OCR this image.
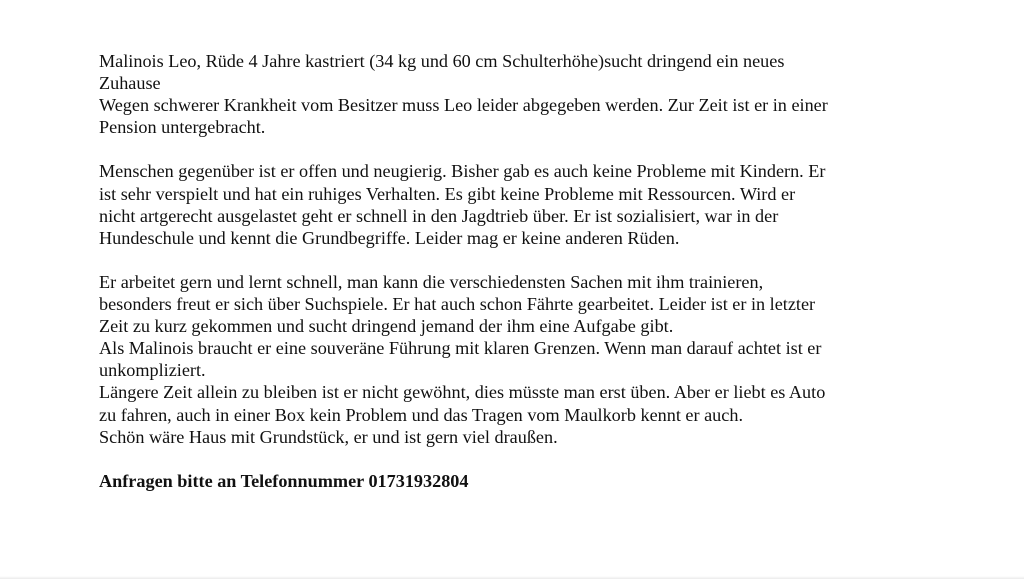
Malinois Leo, Rüde 4 Jahre kastriert (34 kg und 60 cm Schulterhöhe)sucht dringend ein neues
Zuhause
Wegen schwerer Krankheit vom Besitzer muss Leo leider abgegeben werden. Zur Zeit ist er in einer
Pension untergebracht.

Menschen gegenüber ist er offen und neugierig. Bisher gab es auch keine Probleme mit Kindern. Er
ist sehr verspielt und hat ein ruhiges Verhalten. Es gibt keine Probleme mit Ressourcen. Wird er
nicht artgerecht ausgelastet geht er schnell in den Jagdtrieb über. Er ist sozialisiert, war in der
Hundeschule und kennt die Grundbegriffe. Leider mag er keine anderen Rüden.

Er arbeitet gern und lernt schnell, man kann die verschiedensten Sachen mit ihm trainieren,
besonders freut er sich über Suchspiele. Er hat auch schon Fährte gearbeitet. Leider ist er in letzter
Zeit zu kurz gekommen und sucht dringend jemand der ihm eine Aufgabe gibt.
Als Malinois braucht er eine souveräne Führung mit klaren Grenzen. Wenn man darauf achtet ist er
unkompliziert.
Längere Zeit allein zu bleiben ist er nicht gewöhnt, dies müsste man erst üben. Aber er liebt es Auto
zu fahren, auch in einer Box kein Problem und das Tragen vom Maulkorb kennt er auch.
Schön wäre Haus mit Grundstück, er und ist gern viel draußen.

Anfragen bitte an Telefonnummer 01731932804
